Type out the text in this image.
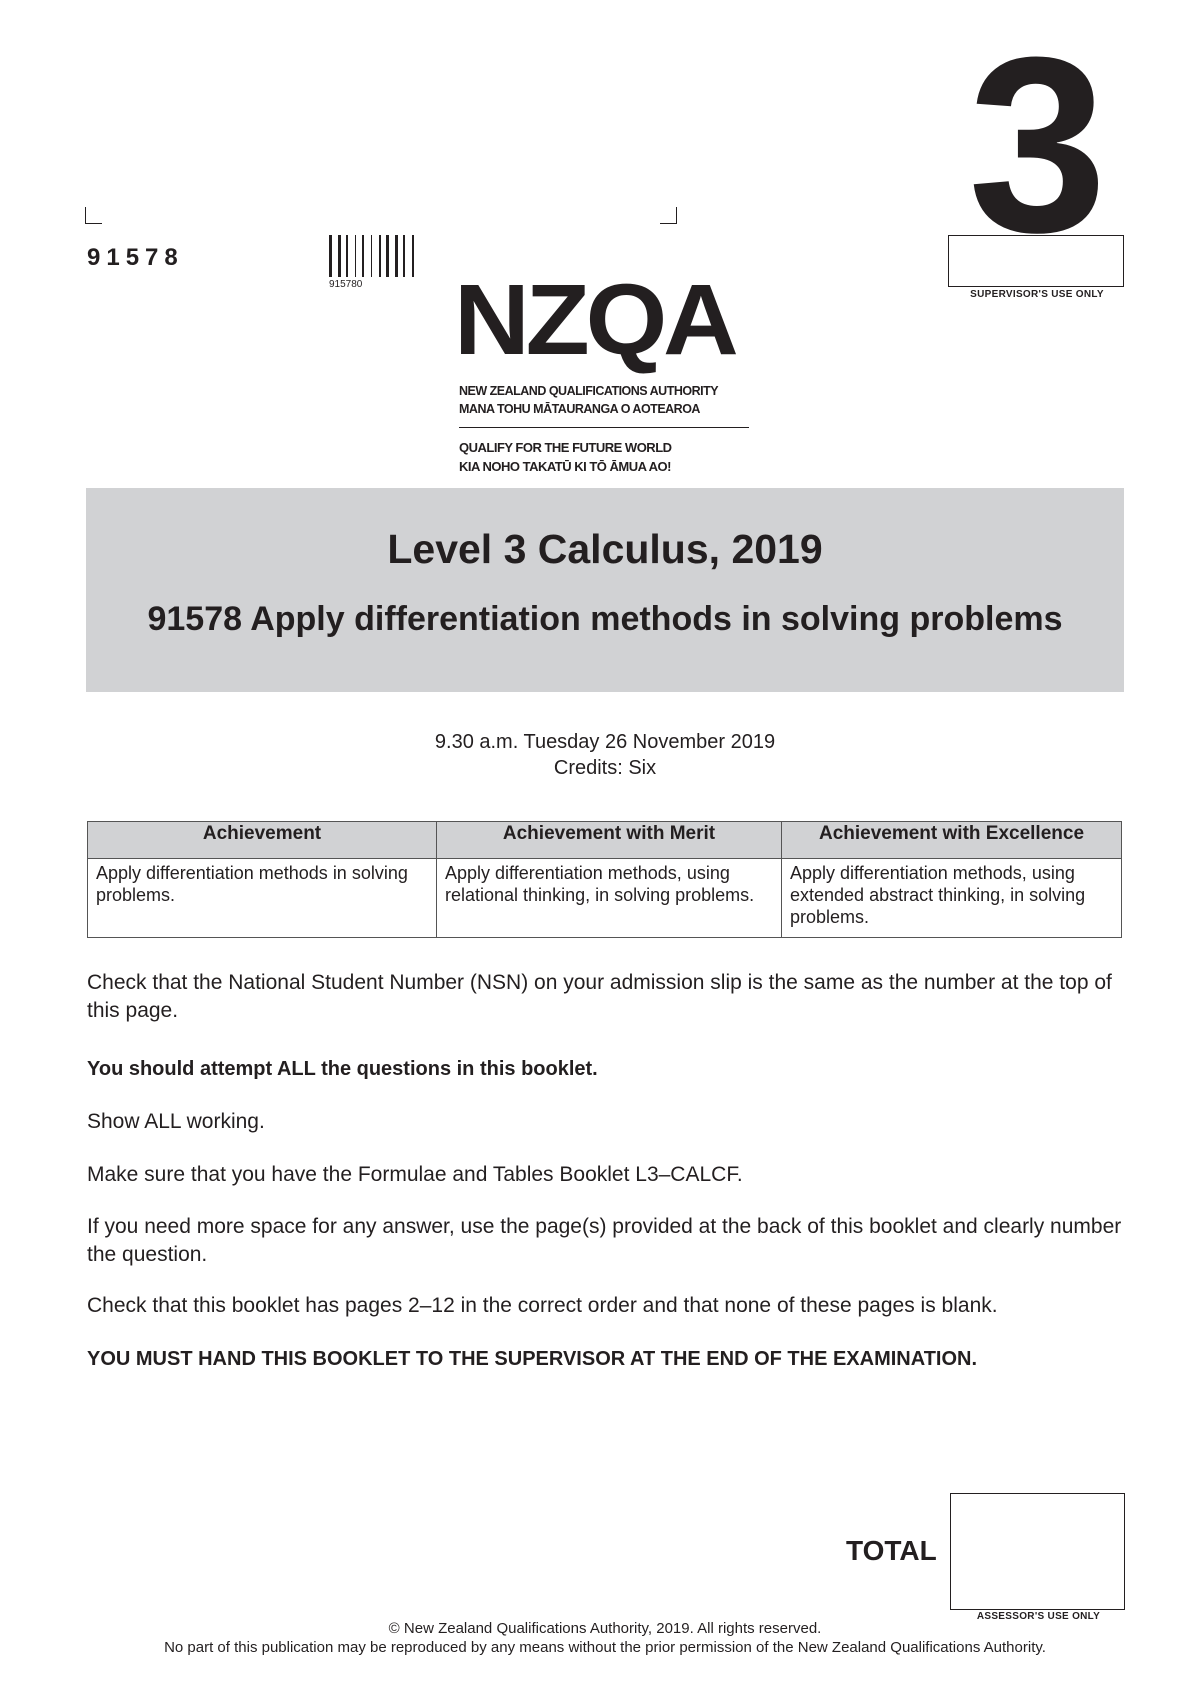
3
SUPERVISOR'S USE ONLY
91578
915780 NZQA
NEW ZEALAND QUALIFICATIONS AUTHORITY
MANA TOHU MĀTAURANGA O AOTEAROA
QUALIFY FOR THE FUTURE WORLD
KIA NOHO TAKATŪ KI TŌ ĀMUA AO!
Level 3 Calculus, 2019
91578 Apply differentiation methods in solving problems
9.30 a.m. Tuesday 26 November 2019
Credits: Six
Achievement	Achievement with Merit	Achievement with Excellence
Apply differentiation methods in solving problems.	Apply differentiation methods, using relational thinking, in solving problems.	Apply differentiation methods, using extended abstract thinking, in solving problems.
Check that the National Student Number (NSN) on your admission slip is the same as the number at the top of this page.
You should attempt ALL the questions in this booklet.
Show ALL working.
Make sure that you have the Formulae and Tables Booklet L3–CALCF.
If you need more space for any answer, use the page(s) provided at the back of this booklet and clearly number the question.
Check that this booklet has pages 2–12 in the correct order and that none of these pages is blank.
YOU MUST HAND THIS BOOKLET TO THE SUPERVISOR AT THE END OF THE EXAMINATION.
TOTAL
ASSESSOR'S USE ONLY
© New Zealand Qualifications Authority, 2019. All rights reserved.
No part of this publication may be reproduced by any means without the prior permission of the New Zealand Qualifications Authority.
